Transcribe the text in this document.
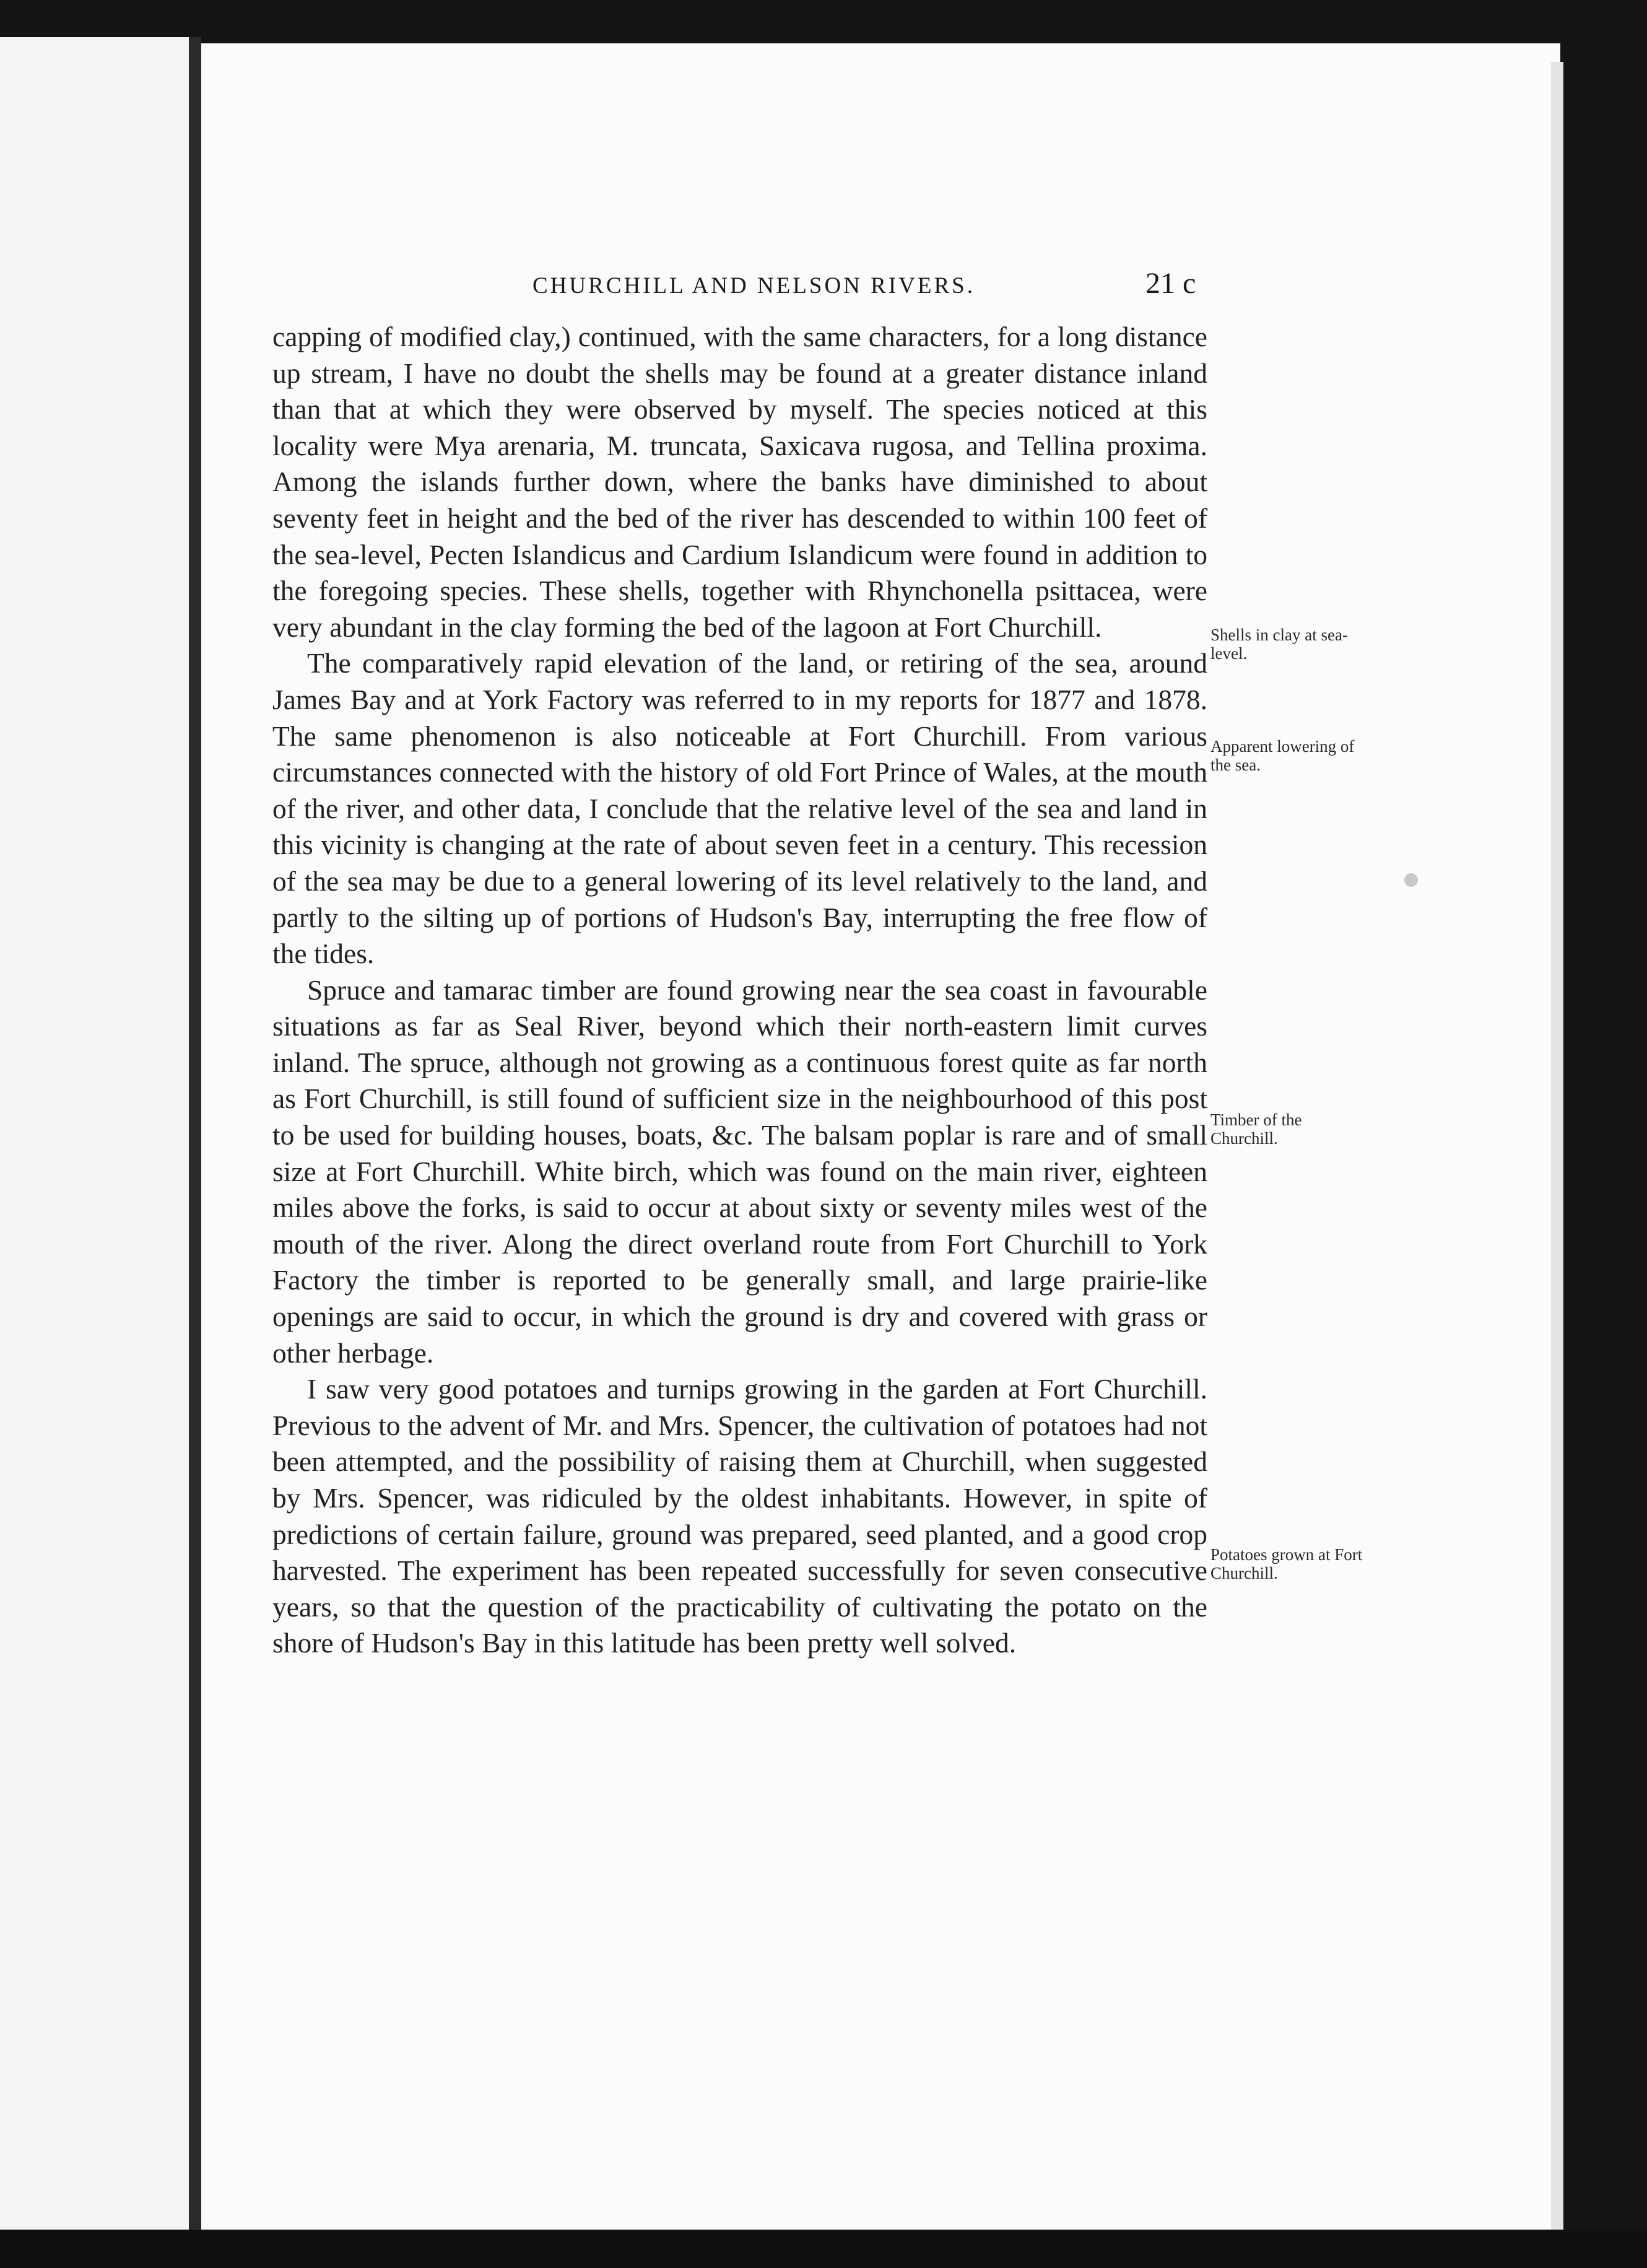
CHURCHILL AND NELSON RIVERS.	21 c

capping of modified clay,) continued, with the same characters, for a long distance up stream, I have no doubt the shells may be found at a greater distance inland than that at which they were observed by myself. The species noticed at this locality were Mya arenaria, M. truncata, Saxicava rugosa, and Tellina proxima. Among the islands further down, where the banks have diminished to about seventy feet in height and the bed of the river has descended to within 100 feet of the sea-level, Pecten Islandicus and Cardium Islandicum were found in addition to the foregoing species. These shells, together with Rhynchonella psittacea, were very abundant in the clay forming the bed of the lagoon at Fort Churchill.

The comparatively rapid elevation of the land, or retiring of the sea, around James Bay and at York Factory was referred to in my reports for 1877 and 1878. The same phenomenon is also noticeable at Fort Churchill. From various circumstances connected with the history of old Fort Prince of Wales, at the mouth of the river, and other data, I conclude that the relative level of the sea and land in this vicinity is changing at the rate of about seven feet in a century. This recession of the sea may be due to a general lowering of its level relatively to the land, and partly to the silting up of portions of Hudson's Bay, interrupting the free flow of the tides.

Spruce and tamarac timber are found growing near the sea coast in favourable situations as far as Seal River, beyond which their north-eastern limit curves inland. The spruce, although not growing as a continuous forest quite as far north as Fort Churchill, is still found of sufficient size in the neighbourhood of this post to be used for building houses, boats, &c. The balsam poplar is rare and of small size at Fort Churchill. White birch, which was found on the main river, eighteen miles above the forks, is said to occur at about sixty or seventy miles west of the mouth of the river. Along the direct overland route from Fort Churchill to York Factory the timber is reported to be generally small, and large prairie-like openings are said to occur, in which the ground is dry and covered with grass or other herbage.

I saw very good potatoes and turnips growing in the garden at Fort Churchill. Previous to the advent of Mr. and Mrs. Spencer, the cultivation of potatoes had not been attempted, and the possibility of raising them at Churchill, when suggested by Mrs. Spencer, was ridiculed by the oldest inhabitants. However, in spite of predictions of certain failure, ground was prepared, seed planted, and a good crop harvested. The experiment has been repeated successfully for seven consecutive years, so that the question of the practicability of cultivating the potato on the shore of Hudson's Bay in this latitude has been pretty well solved.

Shells in clay at sea-level.
Apparent lowering of the sea.
Timber of the Churchill.
Potatoes grown at Fort Churchill.
